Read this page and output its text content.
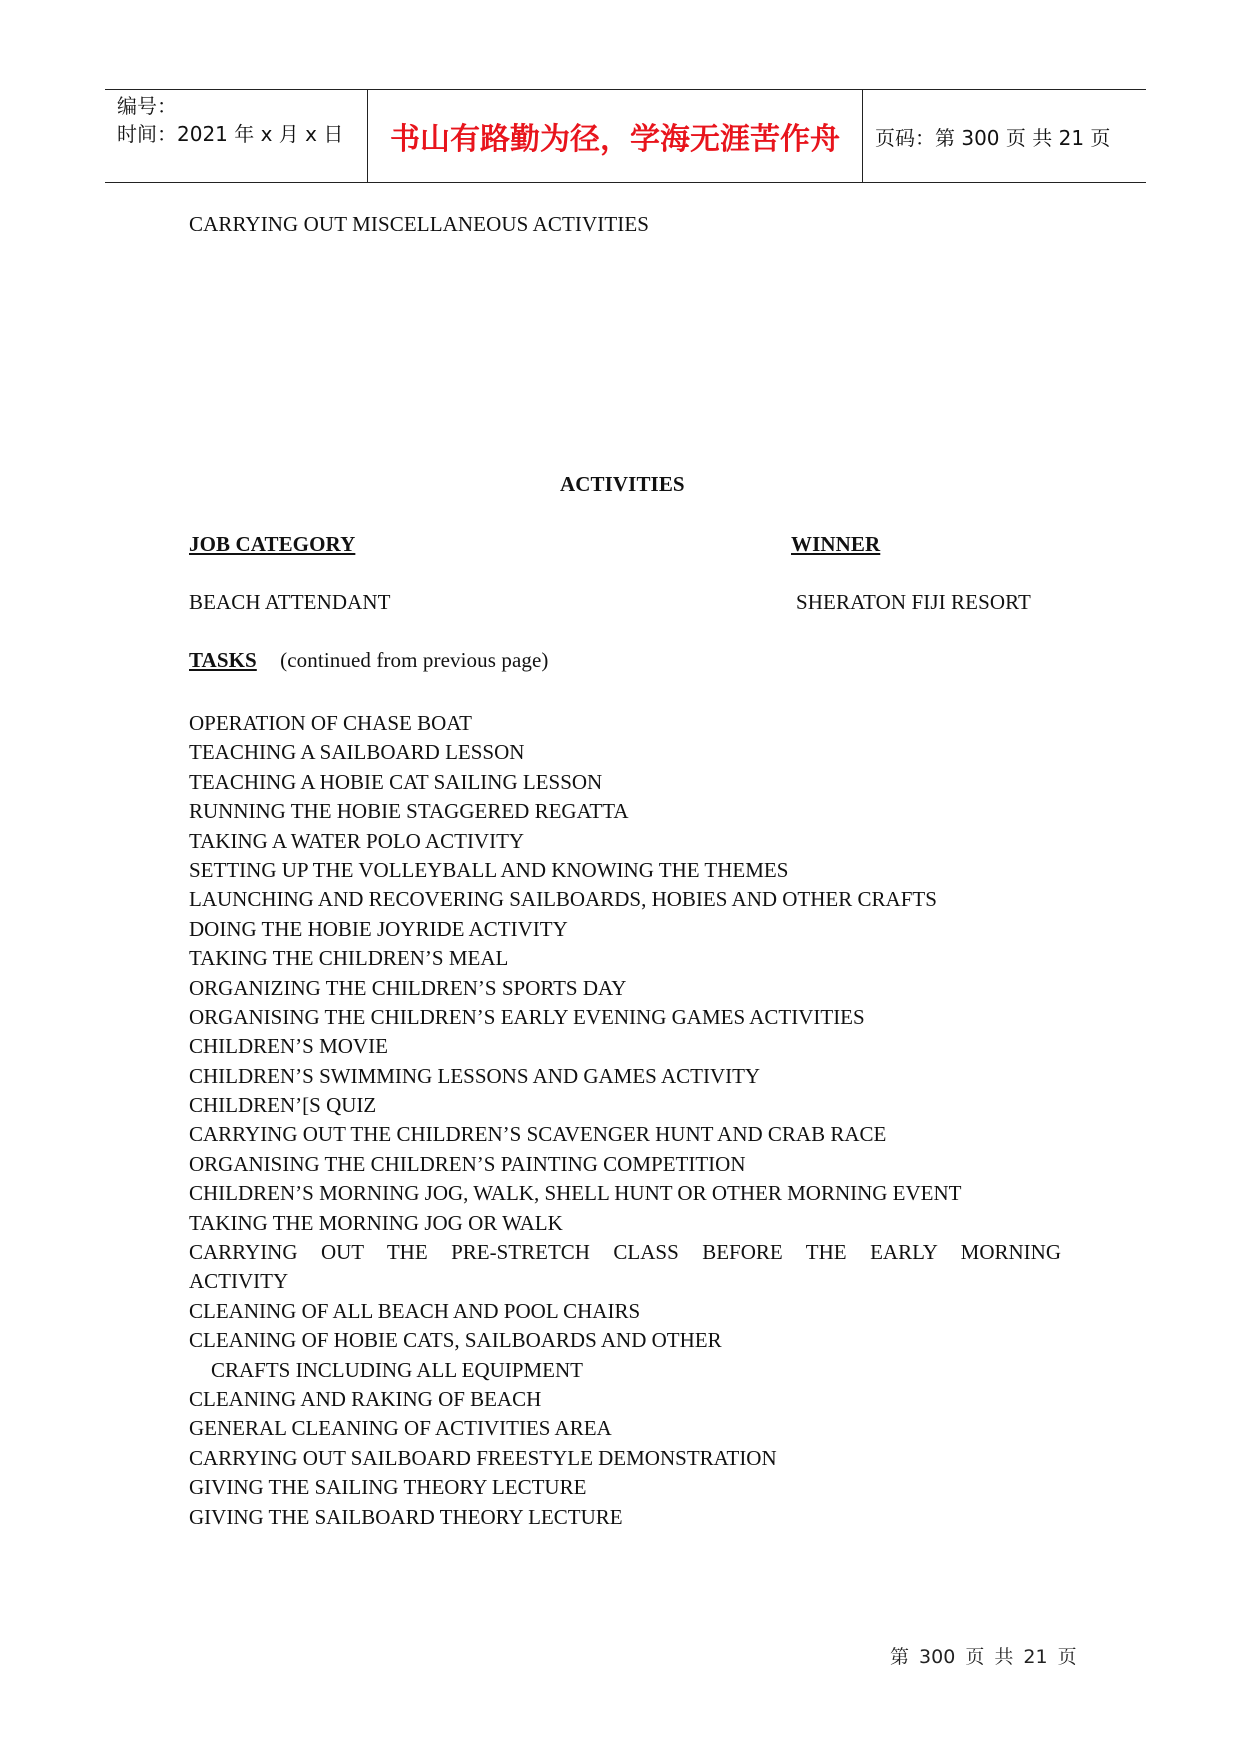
编号：
时间：2021 年 x 月 x 日	书山有路勤为径，学海无涯苦作舟	页码：第 300 页 共 21 页
CARRYING OUT MISCELLANEOUS ACTIVITIES
ACTIVITIES
JOB CATEGORY	WINNER
BEACH ATTENDANT	SHERATON FIJI RESORT
TASKS (continued from previous page)
OPERATION OF CHASE BOAT
TEACHING A SAILBOARD LESSON
TEACHING A HOBIE CAT SAILING LESSON
RUNNING THE HOBIE STAGGERED REGATTA
TAKING A WATER POLO ACTIVITY
SETTING UP THE VOLLEYBALL AND KNOWING THE THEMES
LAUNCHING AND RECOVERING SAILBOARDS, HOBIES AND OTHER CRAFTS
DOING THE HOBIE JOYRIDE ACTIVITY
TAKING THE CHILDREN’S MEAL
ORGANIZING THE CHILDREN’S SPORTS DAY
ORGANISING THE CHILDREN’S EARLY EVENING GAMES ACTIVITIES
CHILDREN’S MOVIE
CHILDREN’S SWIMMING LESSONS AND GAMES ACTIVITY
CHILDREN’[S QUIZ
CARRYING OUT THE CHILDREN’S SCAVENGER HUNT AND CRAB RACE
ORGANISING THE CHILDREN’S PAINTING COMPETITION
CHILDREN’S MORNING JOG, WALK, SHELL HUNT OR OTHER MORNING EVENT
TAKING THE MORNING JOG OR WALK
CARRYING OUT THE PRE-STRETCH CLASS BEFORE THE EARLY MORNING
ACTIVITY
CLEANING OF ALL BEACH AND POOL CHAIRS
CLEANING OF HOBIE CATS, SAILBOARDS AND OTHER
CRAFTS INCLUDING ALL EQUIPMENT
CLEANING AND RAKING OF BEACH
GENERAL CLEANING OF ACTIVITIES AREA
CARRYING OUT SAILBOARD FREESTYLE DEMONSTRATION
GIVING THE SAILING THEORY LECTURE
GIVING THE SAILBOARD THEORY LECTURE
第 300 页 共 21 页
